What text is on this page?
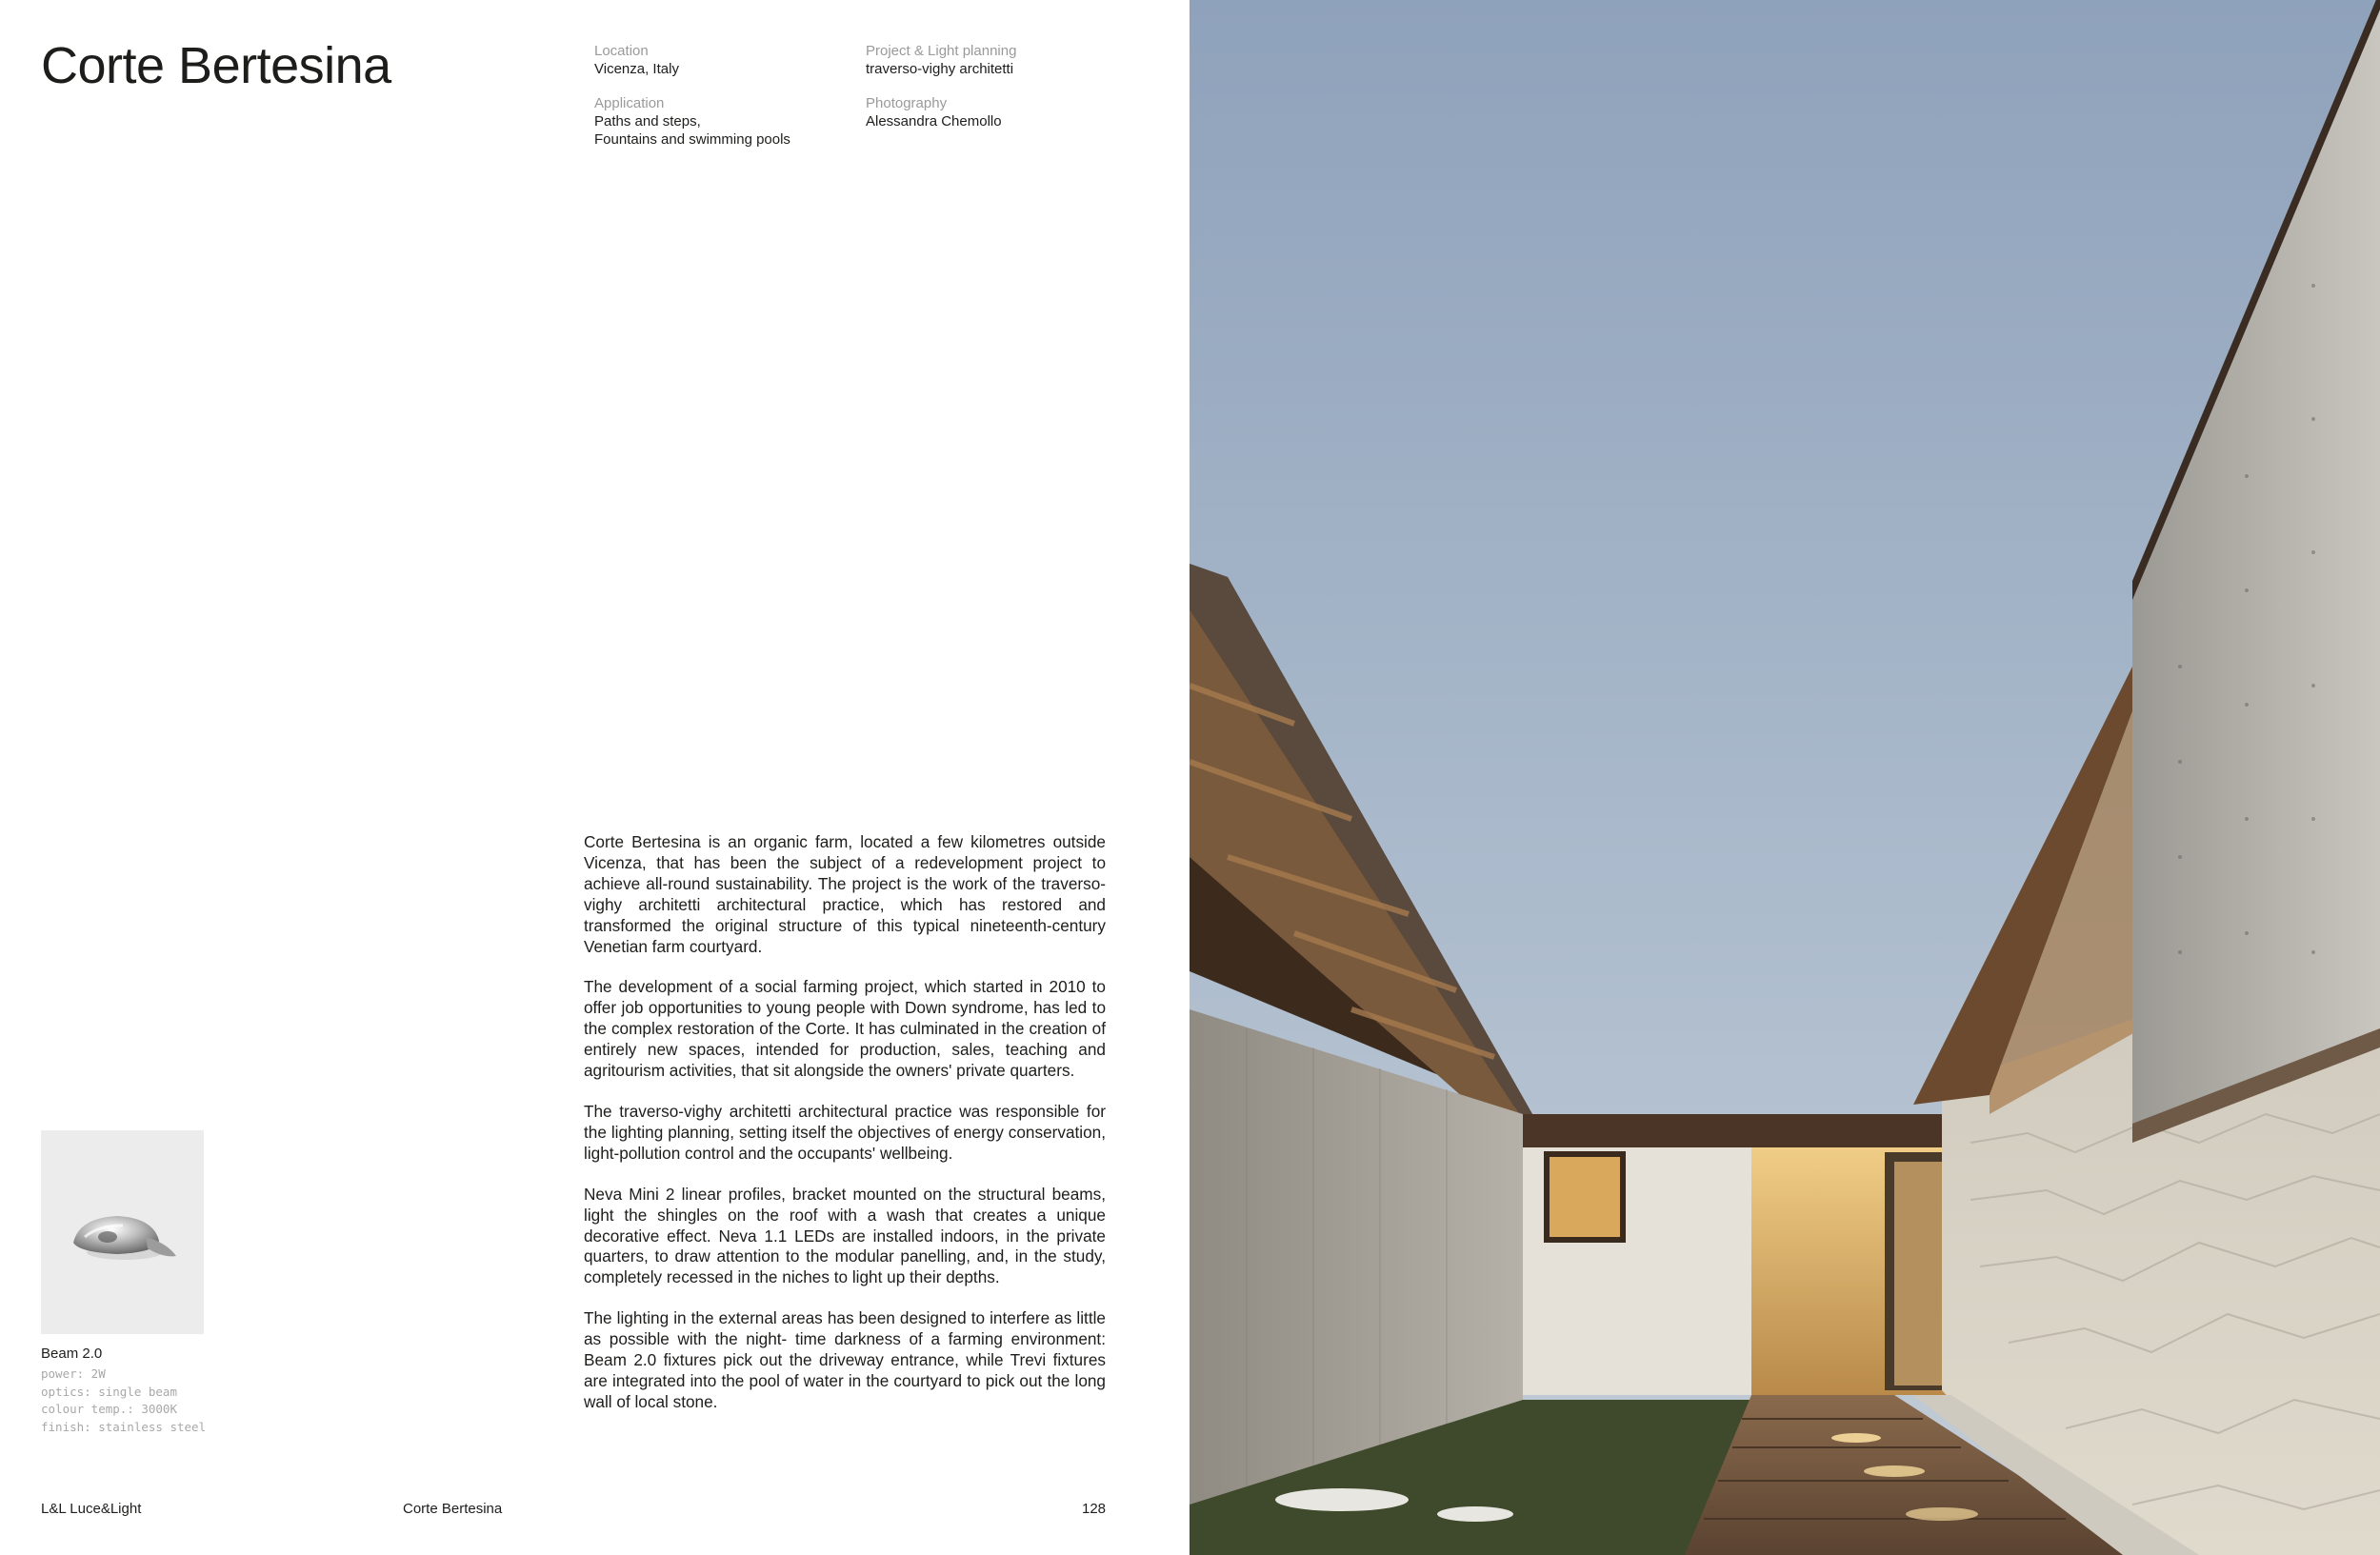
Corte Bertesina	Location
Vicenza, Italy
Project & Light planning
traverso-vighy architetti
Application
Paths and steps,
Fountains and swimming pools
Photography
Alessandra Chemollo

Corte Bertesina is an organic farm, located a few kilometres outside Vicenza, that has been the subject of a redevelopment project to achieve all-round sustainability. The project is the work of the traverso-vighy architetti architectural practice, which has restored and transformed the original structure of this typical nineteenth-century Venetian farm courtyard.

The development of a social farming project, which started in 2010 to offer job opportunities to young people with Down syndrome, has led to the complex restoration of the Corte. It has culminated in the creation of entirely new spaces, intended for production, sales, teaching and agritourism activities, that sit alongside the owners' private quarters.

The traverso-vighy architetti architectural practice was responsible for the lighting planning, setting itself the objectives of energy conservation, light-pollution control and the occupants' wellbeing.

Neva Mini 2 linear profiles, bracket mounted on the structural beams, light the shingles on the roof with a wash that creates a unique decorative effect. Neva 1.1 LEDs are installed indoors, in the private quarters, to draw attention to the modular panelling, and, in the study, completely recessed in the niches to light up their depths.

The lighting in the external areas has been designed to interfere as little as possible with the night- time darkness of a farming environment: Beam 2.0 fixtures pick out the driveway entrance, while Trevi fixtures are integrated into the pool of water in the courtyard to pick out the long wall of local stone.

Beam 2.0
power: 2W
optics: single beam
colour temp.: 3000K
finish: stainless steel
L&L Luce&Light	Corte Bertesina	128
